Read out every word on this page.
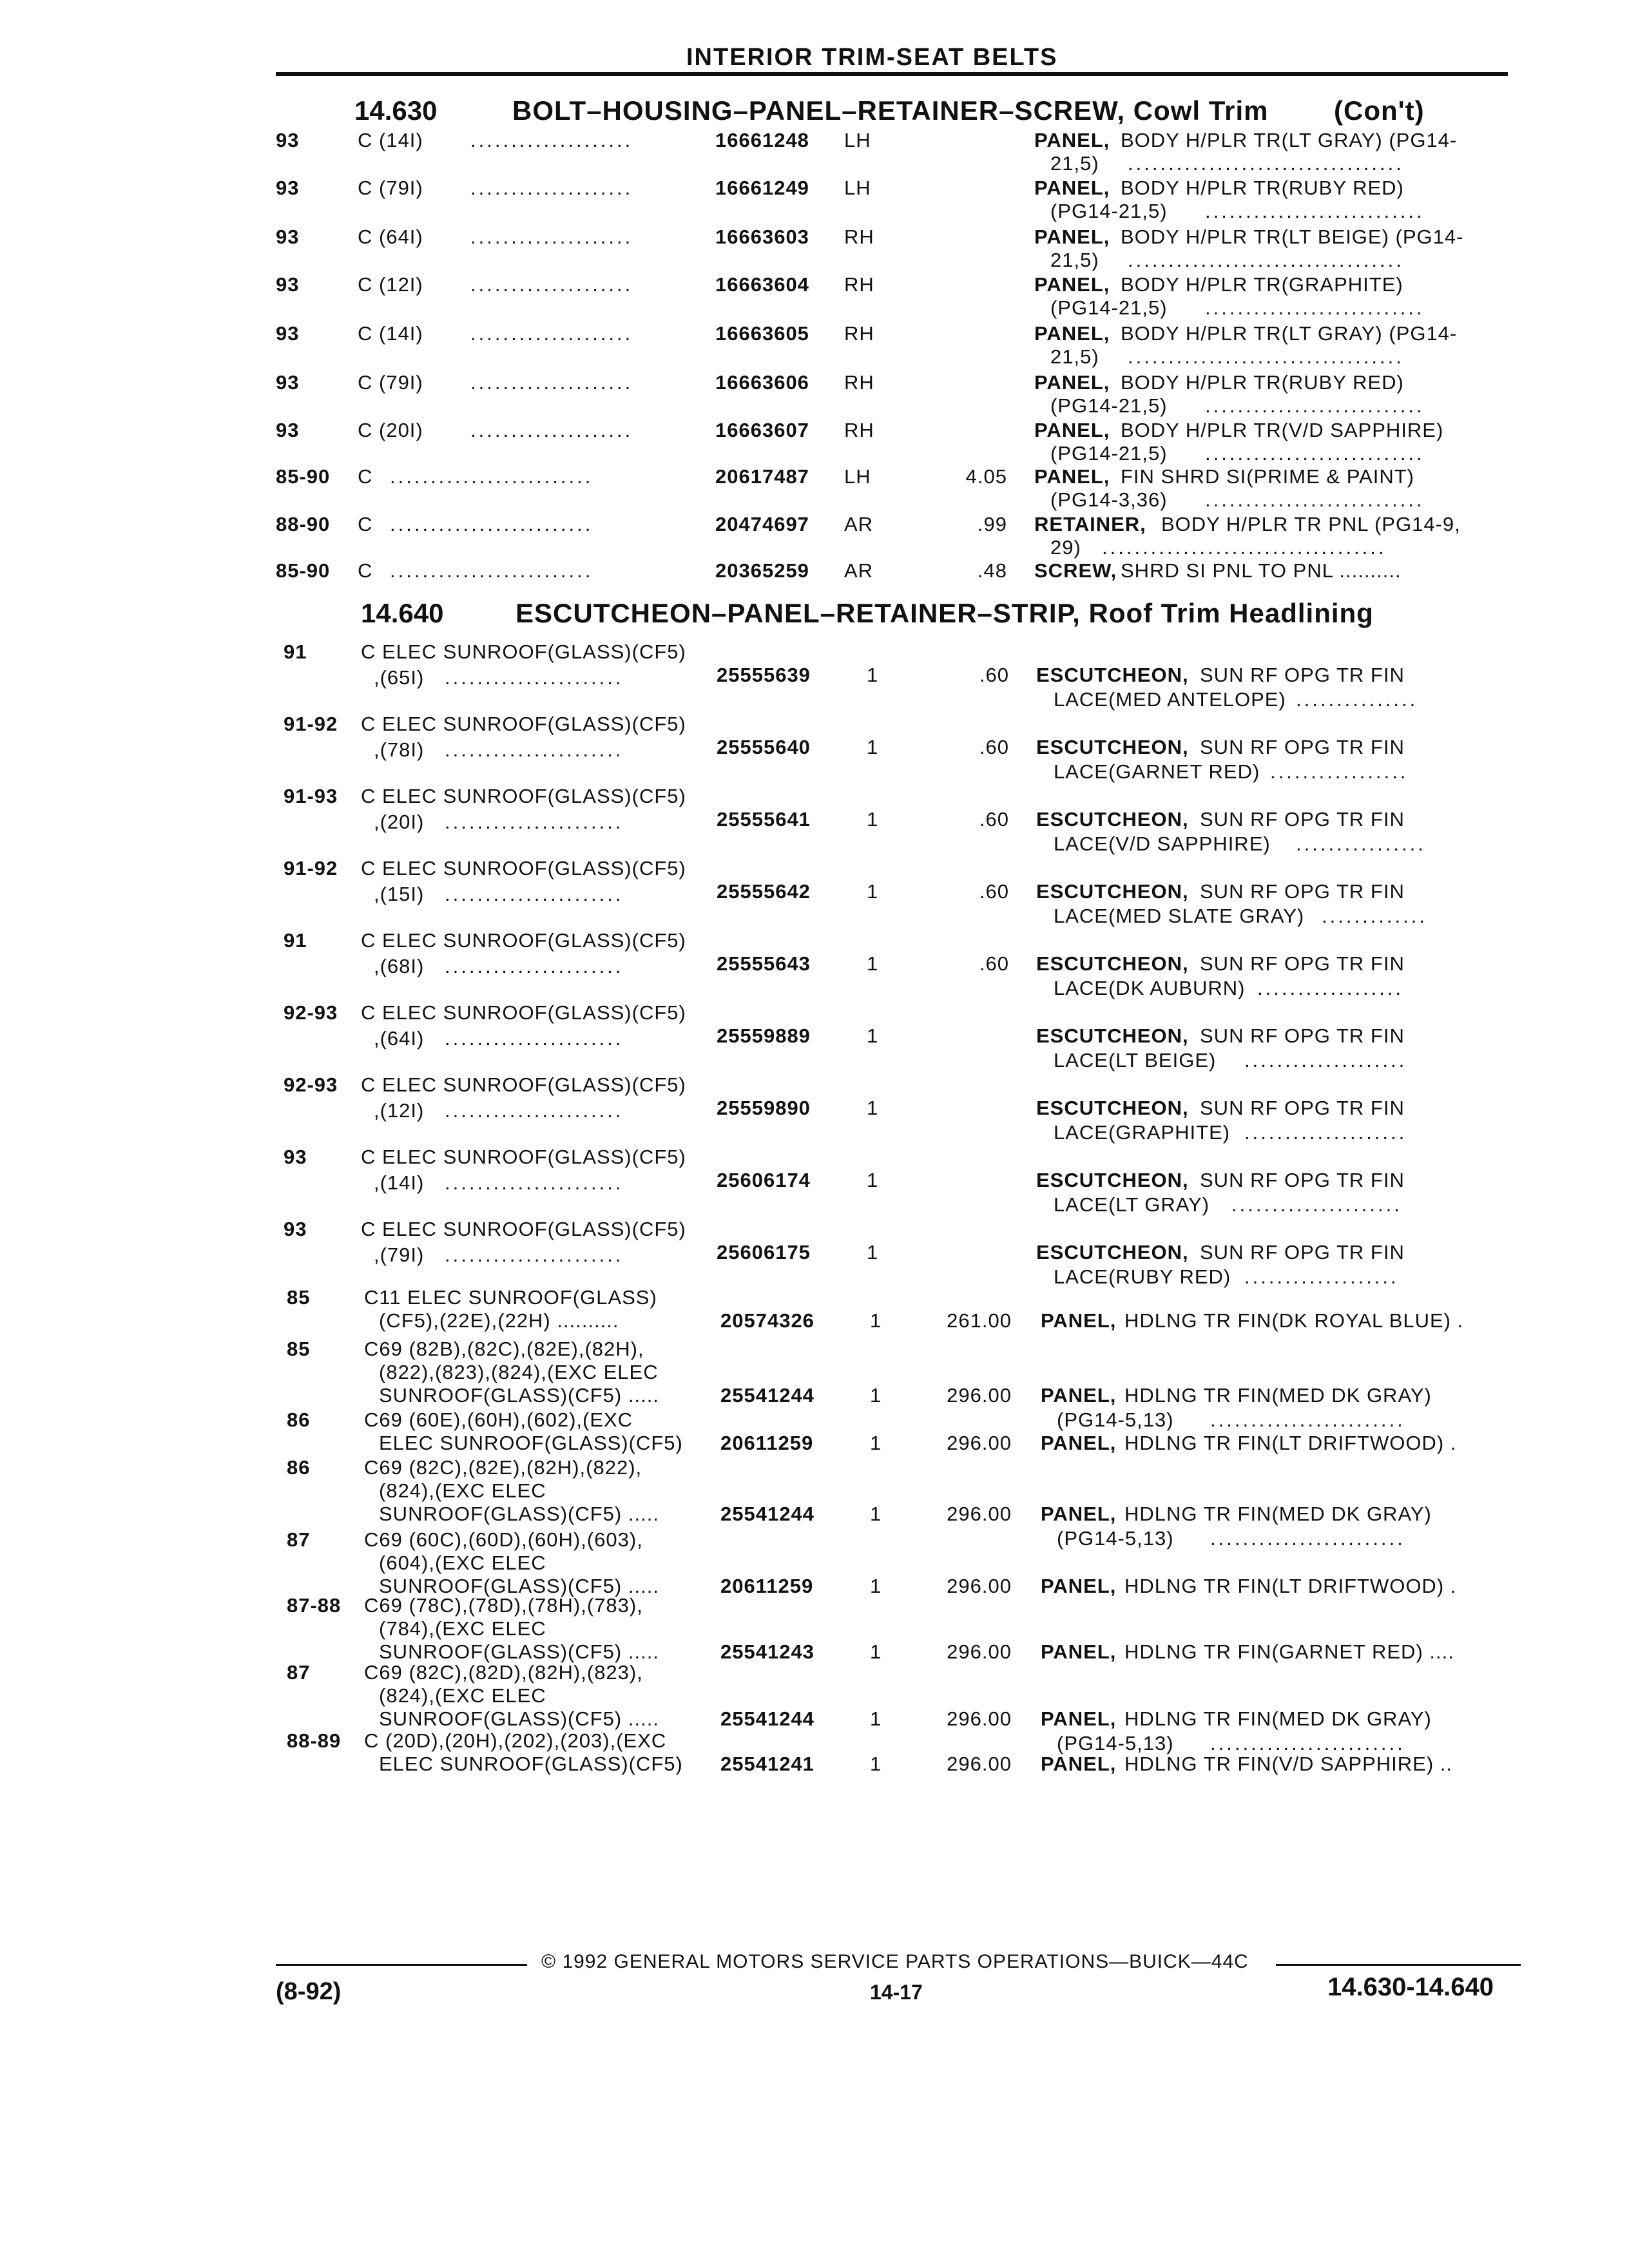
INTERIOR TRIM-SEAT BELTS
14.630	BOLT–HOUSING–PANEL–RETAINER–SCREW, Cowl Trim (Con't)
93	C (14I) ....................	16661248 LH	PANEL, BODY H/PLR TR(LT GRAY) (PG14-
21,5) ..................................
93	C (79I) ....................	16661249 LH	PANEL, BODY H/PLR TR(RUBY RED)
(PG14-21,5) ...........................
93	C (64I) ....................	16663603 RH	PANEL, BODY H/PLR TR(LT BEIGE) (PG14-
21,5) ..................................
93	C (12I) ....................	16663604 RH	PANEL, BODY H/PLR TR(GRAPHITE)
(PG14-21,5) ...........................
93	C (14I) ....................	16663605 RH	PANEL, BODY H/PLR TR(LT GRAY) (PG14-
21,5) ..................................
93	C (79I) ....................	16663606 RH	PANEL, BODY H/PLR TR(RUBY RED)
(PG14-21,5) ...........................
93	C (20I) ....................	16663607 RH	PANEL, BODY H/PLR TR(V/D SAPPHIRE)
(PG14-21,5) ...........................
85-90 C .........................	20617487 LH	4.05 PANEL, FIN SHRD SI(PRIME & PAINT)
(PG14-3,36) ...........................
88-90 C .........................	20474697 AR	.99 RETAINER, BODY H/PLR TR PNL (PG14-9,
29) ...................................
85-90 C .........................	20365259 AR	.48 SCREW, SHRD SI PNL TO PNL ..........
14.640	ESCUTCHEON–PANEL–RETAINER–STRIP, Roof Trim Headlining
91	C ELEC SUNROOF(GLASS)(CF5)
,(65I) ......................	25555639	1	.60 ESCUTCHEON, SUN RF OPG TR FIN
LACE(MED ANTELOPE) ...............
91-92 C ELEC SUNROOF(GLASS)(CF5)
,(78I) ......................	25555640	1	.60 ESCUTCHEON, SUN RF OPG TR FIN
LACE(GARNET RED) .................
91-93 C ELEC SUNROOF(GLASS)(CF5)
,(20I) ......................	25555641	1	.60 ESCUTCHEON, SUN RF OPG TR FIN
LACE(V/D SAPPHIRE) ................
91-92 C ELEC SUNROOF(GLASS)(CF5)
,(15I) ......................	25555642	1	.60 ESCUTCHEON, SUN RF OPG TR FIN
LACE(MED SLATE GRAY) .............
91	C ELEC SUNROOF(GLASS)(CF5)
,(68I) ......................	25555643	1	.60 ESCUTCHEON, SUN RF OPG TR FIN
LACE(DK AUBURN) ..................
92-93 C ELEC SUNROOF(GLASS)(CF5)
,(64I) ......................	25559889	1	ESCUTCHEON, SUN RF OPG TR FIN
LACE(LT BEIGE) ....................
92-93 C ELEC SUNROOF(GLASS)(CF5)
,(12I) ......................	25559890	1	ESCUTCHEON, SUN RF OPG TR FIN
LACE(GRAPHITE) ....................
93	C ELEC SUNROOF(GLASS)(CF5)
,(14I) ......................	25606174	1	ESCUTCHEON, SUN RF OPG TR FIN
LACE(LT GRAY) .....................
93	C ELEC SUNROOF(GLASS)(CF5)
,(79I) ......................	25606175	1	ESCUTCHEON, SUN RF OPG TR FIN
LACE(RUBY RED) ...................
85	C11 ELEC SUNROOF(GLASS)
(CF5),(22E),(22H) ..........	20574326	1	261.00 PANEL, HDLNG TR FIN(DK ROYAL BLUE) .
85	C69 (82B),(82C),(82E),(82H),
(822),(823),(824),(EXC ELEC
SUNROOF(GLASS)(CF5) .....	25541244	1	296.00 PANEL, HDLNG TR FIN(MED DK GRAY)
(PG14-5,13) ........................
86	C69 (60E),(60H),(602),(EXC
ELEC SUNROOF(GLASS)(CF5) 20611259	1	296.00 PANEL, HDLNG TR FIN(LT DRIFTWOOD) .
86	C69 (82C),(82E),(82H),(822),
(824),(EXC ELEC
SUNROOF(GLASS)(CF5) .....	25541244	1	296.00 PANEL, HDLNG TR FIN(MED DK GRAY)
(PG14-5,13) ........................
87	C69 (60C),(60D),(60H),(603),
(604),(EXC ELEC
SUNROOF(GLASS)(CF5) .....	20611259	1	296.00 PANEL, HDLNG TR FIN(LT DRIFTWOOD) .
87-88 C69 (78C),(78D),(78H),(783),
(784),(EXC ELEC
SUNROOF(GLASS)(CF5) .....	25541243	1	296.00 PANEL, HDLNG TR FIN(GARNET RED) ....
87	C69 (82C),(82D),(82H),(823),
(824),(EXC ELEC
SUNROOF(GLASS)(CF5) .....	25541244	1	296.00 PANEL, HDLNG TR FIN(MED DK GRAY)
(PG14-5,13) ........................
88-89 C (20D),(20H),(202),(203),(EXC
ELEC SUNROOF(GLASS)(CF5) 25541241	1	296.00 PANEL, HDLNG TR FIN(V/D SAPPHIRE) ..
© 1992 GENERAL MOTORS SERVICE PARTS OPERATIONS—BUICK—44C
(8-92)	14-17	14.630-14.640
